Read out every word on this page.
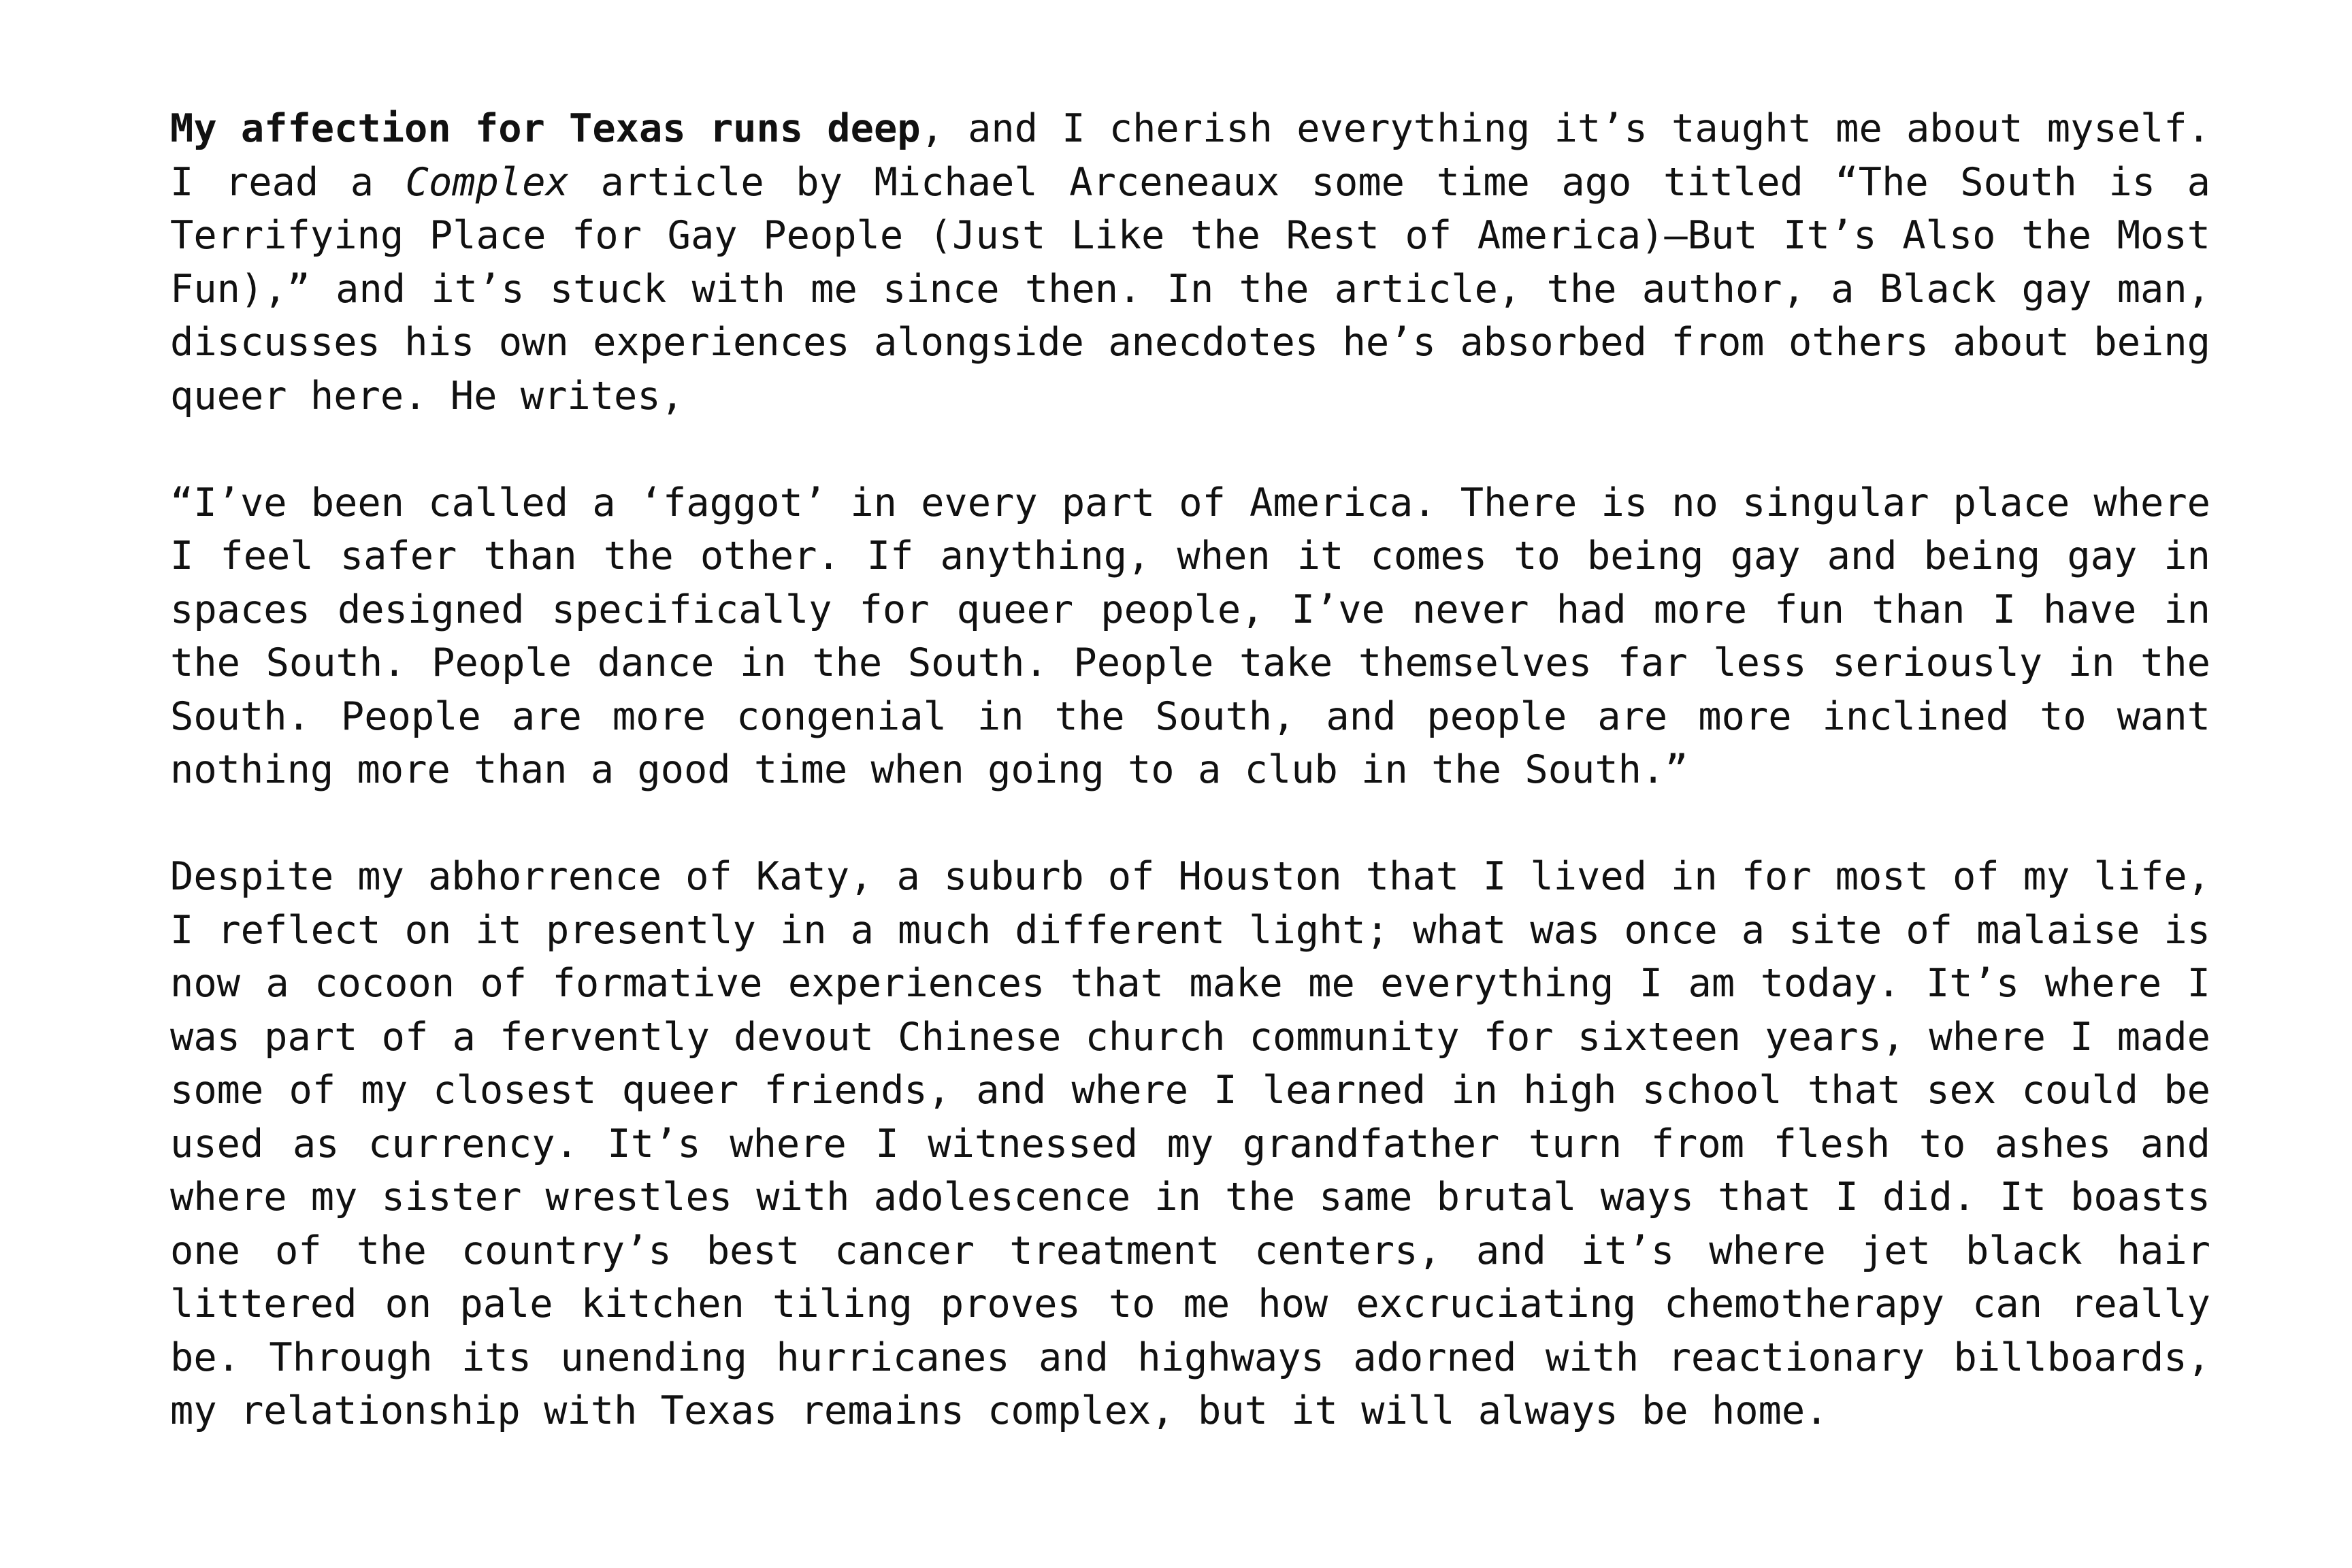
My affection for Texas runs deep, and I cherish everything it’s taught me about myself. I read a Complex article by Michael Arceneaux some time ago titled “The South is a Terrifying Place for Gay People (Just Like the Rest of America)—But It’s Also the Most Fun),” and it’s stuck with me since then. In the article, the author, a Black gay man, discusses his own experiences alongside anecdotes he’s absorbed from others about being queer here. He writes,

“I’ve been called a ‘faggot’ in every part of America. There is no singular place where I feel safer than the other. If anything, when it comes to being gay and being gay in spaces designed specifically for queer people, I’ve never had more fun than I have in the South. People dance in the South. People take themselves far less seriously in the South. People are more congenial in the South, and people are more inclined to want nothing more than a good time when going to a club in the South.”

Despite my abhorrence of Katy, a suburb of Houston that I lived in for most of my life, I reflect on it presently in a much different light; what was once a site of malaise is now a cocoon of formative experiences that make me everything I am today. It’s where I was part of a fervently devout Chinese church community for sixteen years, where I made some of my closest queer friends, and where I learned in high school that sex could be used as currency. It’s where I witnessed my grandfather turn from flesh to ashes and where my sister wrestles with adolescence in the same brutal ways that I did. It boasts one of the country’s best cancer treatment centers, and it’s where jet black hair littered on pale kitchen tiling proves to me how excruciating chemotherapy can really be. Through its unending hurricanes and highways adorned with reactionary billboards, my relationship with Texas remains complex, but it will always be home.
